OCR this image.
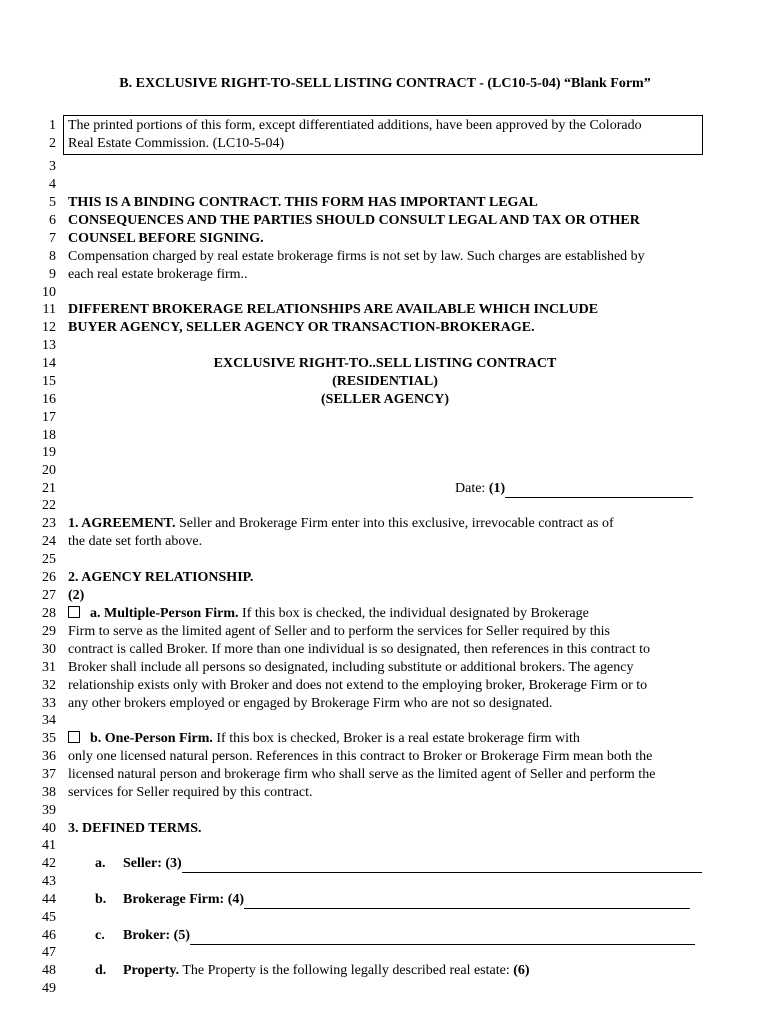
B. EXCLUSIVE RIGHT-TO-SELL LISTING CONTRACT - (LC10-5-04) “Blank Form”
1
2
3
4
5
6
7
8
9
10
11
12
13
14
15
16
17
18
19
20
21
22
23
24
25
26
27
28
29
30
31
32
33
34
35
36
37
38
39
40
41
42
43
44
45
46
47
48
49
The printed portions of this form, except differentiated additions, have been approved by the Colorado
Real Estate Commission. (LC10-5-04)
THIS IS A BINDING CONTRACT. THIS FORM HAS IMPORTANT LEGAL
CONSEQUENCES AND THE PARTIES SHOULD CONSULT LEGAL AND TAX OR OTHER
COUNSEL BEFORE SIGNING.
Compensation charged by real estate brokerage firms is not set by law. Such charges are established by
each real estate brokerage firm..
DIFFERENT BROKERAGE RELATIONSHIPS ARE AVAILABLE WHICH INCLUDE
BUYER AGENCY, SELLER AGENCY OR TRANSACTION-BROKERAGE.
EXCLUSIVE RIGHT-TO..SELL LISTING CONTRACT
(RESIDENTIAL)
(SELLER AGENCY)
Date: (1)
1. AGREEMENT. Seller and Brokerage Firm enter into this exclusive, irrevocable contract as of
the date set forth above.
2. AGENCY RELATIONSHIP.
(2)
a. Multiple-Person Firm. If this box is checked, the individual designated by Brokerage
Firm to serve as the limited agent of Seller and to perform the services for Seller required by this
contract is called Broker. If more than one individual is so designated, then references in this contract to
Broker shall include all persons so designated, including substitute or additional brokers. The agency
relationship exists only with Broker and does not extend to the employing broker, Brokerage Firm or to
any other brokers employed or engaged by Brokerage Firm who are not so designated.
b. One-Person Firm. If this box is checked, Broker is a real estate brokerage firm with
only one licensed natural person. References in this contract to Broker or Brokerage Firm mean both the
licensed natural person and brokerage firm who shall serve as the limited agent of Seller and perform the
services for Seller required by this contract.
3. DEFINED TERMS.
a. Seller: (3)
b. Brokerage Firm: (4)
c. Broker: (5)
d. Property. The Property is the following legally described real estate: (6)
